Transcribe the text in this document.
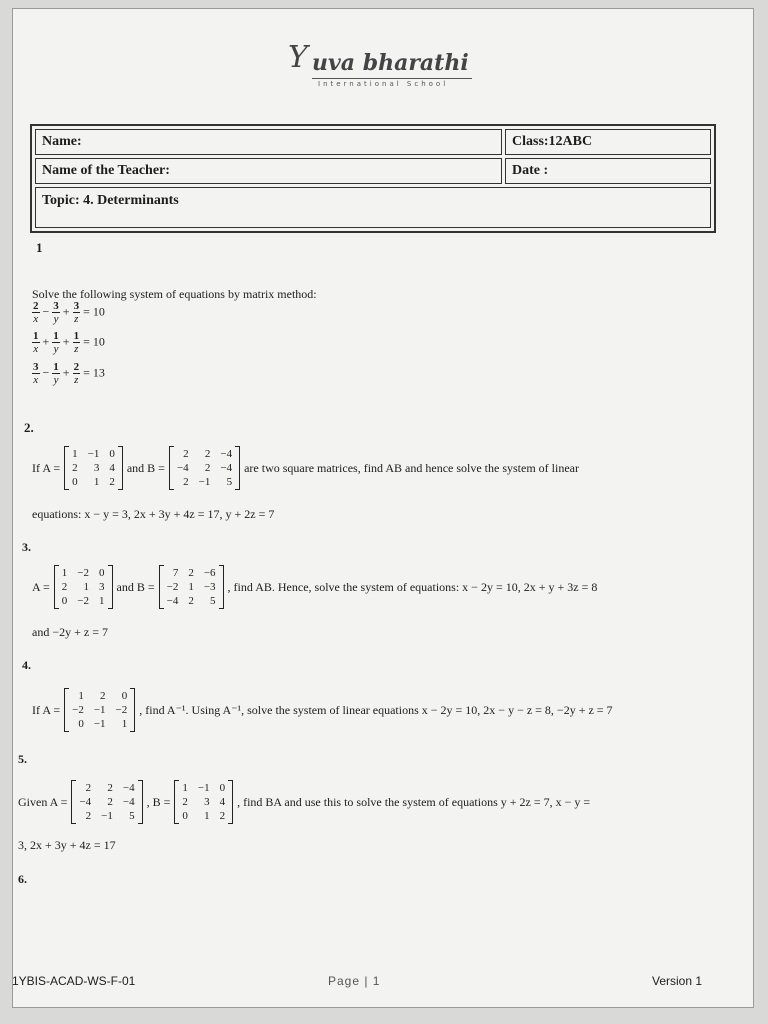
Y uva bharathi
International School
Name:	Class:12ABC
Name of the Teacher:	Date :
Topic: 4. Determinants	
1
Solve the following system of equations by matrix method:
$\frac{2}{x} - \frac{3}{y} + \frac{3}{z} = 10$
$\frac{1}{x} + \frac{1}{y} + \frac{1}{z} = 10$
$\frac{3}{x} - \frac{1}{y} + \frac{2}{z} = 13$
2.
If A =
1 −1 0
2	3 4
0	1 2
and B =
2	2 −4
−4	2 −4
2 −1	5
are two square matrices, find AB and hence solve the system of linear
equations: x − y = 3, 2x + 3y + 4z = 17, y + 2z = 7
3.
A =
1 −2 0
2	1 3
0 −2 1
and B =
7 2 −6
−2 1 −3
−4 2	5
, find AB. Hence, solve the system of equations: x − 2y = 10, 2x + y + 3z = 8
and −2y + z = 7
4.
If A =
1	2	0
−2 −1 −2
0 −1	1
, find A⁻¹. Using A⁻¹, solve the system of linear equations x − 2y = 10, 2x − y − z = 8, −2y + z = 7
5.
Given A =
2	2 −4
−4	2 −4
2 −1	5
, B =
1 −1 0
2	3 4
0	1 2
, find BA and use this to solve the system of equations y + 2z = 7, x − y =
3, 2x + 3y + 4z = 17
6.
1YBIS-ACAD-WS-F-01	Page | 1	Version 1
